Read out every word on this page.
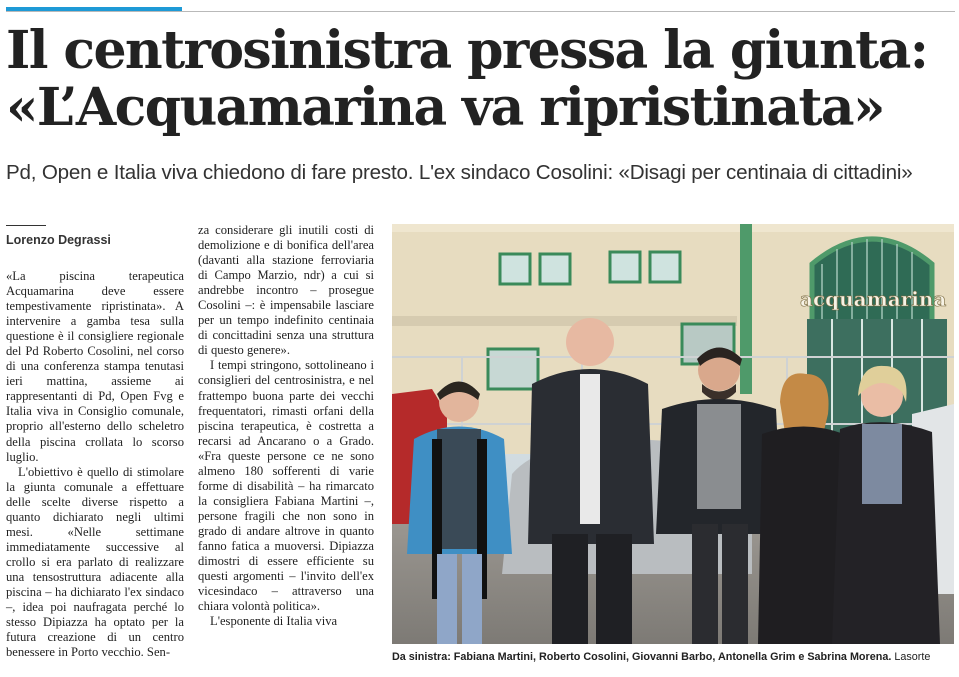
Il centrosinistra pressa la giunta:
«L’Acquamarina va ripristinata»

Pd, Open e Italia viva chiedono di fare presto. L'ex sindaco Cosolini: «Disagi per centinaia di cittadini»

Lorenzo Degrassi

«La piscina terapeutica Acquamarina deve essere tempestivamente ripristinata». A intervenire a gamba tesa sulla questione è il consigliere regionale del Pd Roberto Cosolini, nel corso di una conferenza stampa tenutasi ieri mattina, assieme ai rappresentanti di Pd, Open Fvg e Italia viva in Consiglio comunale, proprio all'esterno dello scheletro della piscina crollata lo scorso luglio.

L'obiettivo è quello di stimolare la giunta comunale a effettuare delle scelte diverse rispetto a quanto dichiarato negli ultimi mesi. «Nelle settimane immediatamente successive al crollo si era parlato di realizzare una tensostruttura adiacente alla piscina – ha dichiarato l'ex sindaco –, idea poi naufragata perché lo stesso Dipiazza ha optato per la futura creazione di un centro benessere in Porto vecchio. Sen-

za considerare gli inutili costi di demolizione e di bonifica dell'area (davanti alla stazione ferroviaria di Campo Marzio, ndr) a cui si andrebbe incontro – prosegue Cosolini –: è impensabile lasciare per un tempo indefinito centinaia di concittadini senza una struttura di questo genere».

I tempi stringono, sottolineano i consiglieri del centrosinistra, e nel frattempo buona parte dei vecchi frequentatori, rimasti orfani della piscina terapeutica, è costretta a recarsi ad Ancarano o a Grado. «Fra queste persone ce ne sono almeno 180 sofferenti di varie forme di disabilità – ha rimarcato la consigliera Fabiana Martini –, persone fragili che non sono in grado di andare altrove in quanto fanno fatica a muoversi. Dipiazza dimostri di essere efficiente su questi argomenti – l'invito dell'ex vicesindaco – attraverso una chiara volontà politica».

L'esponente di Italia viva

acquamarina
Da sinistra: Fabiana Martini, Roberto Cosolini, Giovanni Barbo, Antonella Grim e Sabrina Morena. Lasorte
